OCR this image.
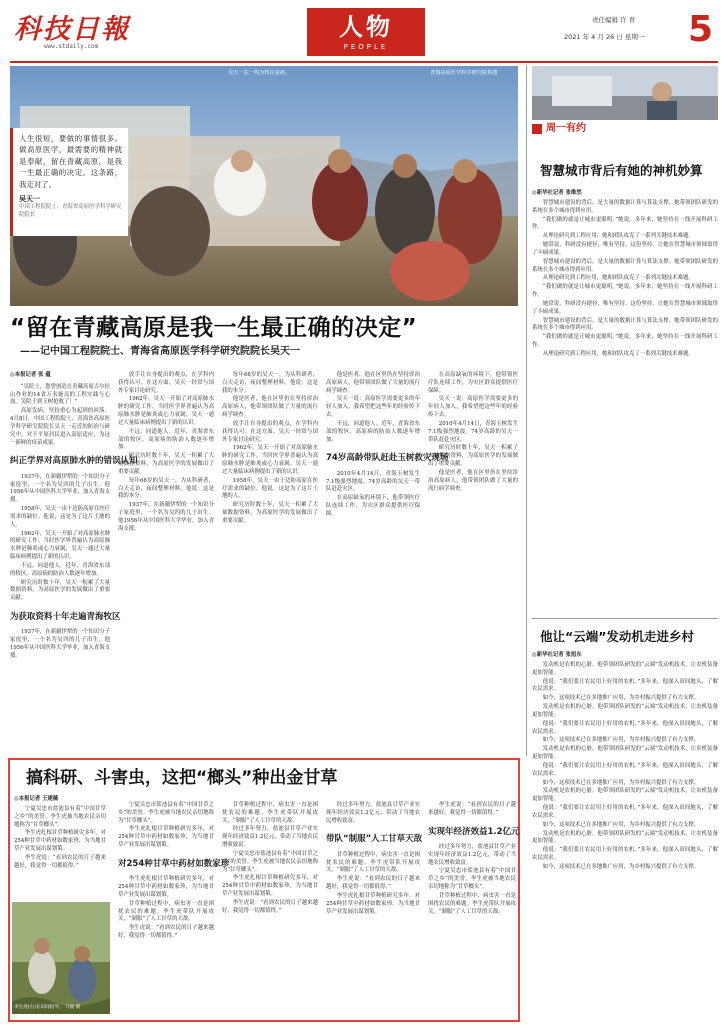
科技日報
www.stdaily.com
人物
PEOPLE
责任编辑 许 青
2021 年 4 月 26 日 星期一 5
吴天一在一线为牧民看病。	青海高原医学科学研究院供图
人生很短，要做的事情很多。做高原医学，最需要的精神就是奉献，留在青藏高原，是我一生最正确的决定。这条路，我走对了。
吴天一
中国工程院院士、青海省高原医学科学研究院院长
“留在青藏高原是我一生最正确的决定”
——记中国工程院院士、青海省高原医学科学研究院院长吴天一
◎本报记者 张 蕴

“吴院士，您曾创造在青藏高原吉尔拉山作业的14省万名施员的工程实践与心血。吴院士到玉树抢救了！”

高原发病，坚持重心为起到的回落。4月8日，中国工程院院士、青海省高原医学科学研究院院长吴天一走近的防治与研究中，对于平原居民进入高原适应，为这一新鲜的疫苗成果。

纠正学界对高原肺水肿的错误认知

1937年，在新疆伊犁的一个知识分子家庭里，一个名为吴四的儿子出生。他1956年从中国医科大学毕业，加入青海支援。

1958年，吴天一由于边防高原在医疗需求的缺位。他说，这是为了这片土地的人。

1962年，吴天一开始了对高原肺水肿的研究工作。当时医学界普遍认为高原肺水肿是肺炎或心力衰竭，吴天一通过大量临床病例提出了新的认识。

不远，同道他人。近年，青海省东部的牧区，高原病的防治人数逐年增加。

研究历时数十年，吴天一积累了大量数据资料，为高原医学的发展做出了重要贡献。

为获取资料十年走遍青海牧区

1937年，在新疆伊犁的一个知识分子家庭里，一个名为吴四的儿子出生。他1956年从中国医科大学毕业，加入青海支援。

放手让自身提出的观点，在学科内获得认可。在这方面，吴天一经常与国外专家讨论研究。

1962年，吴天一开始了对高原肺水肿的研究工作。当时医学界普遍认为高原肺水肿是肺炎或心力衰竭，吴天一通过大量临床病例提出了新的认识。

不远，同道他人。近年，青海省东部的牧区，高原病的防治人数逐年增加。

研究历时数十年，吴天一积累了大量数据资料，为高原医学的发展做出了重要贡献。

每年68岁的吴天一，为从科研者，白天走访，夜间整理材料。他说：这是我的本分。

1937年，在新疆伊犁的一个知识分子家庭里，一个名为吴四的儿子出生。他1956年从中国医科大学毕业，加入青海支援。

每年68岁的吴天一，为从科研者，白天走访，夜间整理材料。他说：这是我的本分。

他是医者，他在区里仍在坚持诊治高原病人，他带领团队做了大量的流行病学调查。

放手让自身提出的观点，在学科内获得认可。在这方面，吴天一经常与国外专家讨论研究。

1962年，吴天一开始了对高原肺水肿的研究工作。当时医学界普遍认为高原肺水肿是肺炎或心力衰竭，吴天一通过大量临床病例提出了新的认识。

1958年，吴天一由于边防高原在医疗需求的缺位。他说，这是为了这片土地的人。

研究历时数十年，吴天一积累了大量数据资料，为高原医学的发展做出了重要贡献。

他是医者，他在区里仍在坚持诊治高原病人，他带领团队做了大量的流行病学调查。

吴天一说：高原医学需要更多的年轻人加入，我希望把这些年的经验传下去。

不远，同道他人。近年，青海省东部的牧区，高原病的防治人数逐年增加。

74岁高龄带队赶赴玉树救灾现场

2010年4月14日，青海玉树发生7.1级强烈地震。74岁高龄的吴天一带队赶赴灾区。

在高原缺氧的环境下，他带领医疗队连续工作，为灾区群众提供医疗保障。

在高原缺氧的环境下，他带领医疗队连续工作，为灾区群众提供医疗保障。

吴天一说：高原医学需要更多的年轻人加入，我希望把这些年的经验传下去。

2010年4月14日，青海玉树发生7.1级强烈地震。74岁高龄的吴天一带队赶赴灾区。

研究历时数十年，吴天一积累了大量数据资料，为高原医学的发展做出了重要贡献。

他是医者，他在区里仍在坚持诊治高原病人，他带领团队做了大量的流行病学调查。

周一有约
智慧城市背后有她的神机妙算
◎新华社记者 张维然

智慧城市建设的背后，是大量的数据计算与算法支撑。她带领团队研发的系统在多个城市得到应用。

“我们做的就是让城市更聪明。”她说。多年来，她坚持在一线开展科研工作。

从理论研究到工程应用，她和团队攻克了一系列关键技术难题。

她常说，科研没有捷径，唯有坚持。这份坚持，让她在智慧城市领域取得了丰硕成果。

智慧城市建设的背后，是大量的数据计算与算法支撑。她带领团队研发的系统在多个城市得到应用。

从理论研究到工程应用，她和团队攻克了一系列关键技术难题。

“我们做的就是让城市更聪明。”她说。多年来，她坚持在一线开展科研工作。

她常说，科研没有捷径，唯有坚持。这份坚持，让她在智慧城市领域取得了丰硕成果。

智慧城市建设的背后，是大量的数据计算与算法支撑。她带领团队研发的系统在多个城市得到应用。

“我们做的就是让城市更聪明。”她说。多年来，她坚持在一线开展科研工作。

从理论研究到工程应用，她和团队攻克了一系列关键技术难题。

他让“云端”发动机走进乡村
◎新华社记者 张旭东

发动机是农机的心脏。他带领团队研发的“云端”发动机技术，让农机装备更加智能。

他说：“我们要让农民用上好用的农机。”多年来，他深入田间地头，了解农民需求。

如今，这项技术已在多地推广应用，为乡村振兴提供了有力支撑。

发动机是农机的心脏。他带领团队研发的“云端”发动机技术，让农机装备更加智能。

他说：“我们要让农民用上好用的农机。”多年来，他深入田间地头，了解农民需求。

如今，这项技术已在多地推广应用，为乡村振兴提供了有力支撑。

发动机是农机的心脏。他带领团队研发的“云端”发动机技术，让农机装备更加智能。

他说：“我们要让农民用上好用的农机。”多年来，他深入田间地头，了解农民需求。

如今，这项技术已在多地推广应用，为乡村振兴提供了有力支撑。

发动机是农机的心脏。他带领团队研发的“云端”发动机技术，让农机装备更加智能。

他说：“我们要让农民用上好用的农机。”多年来，他深入田间地头，了解农民需求。

如今，这项技术已在多地推广应用，为乡村振兴提供了有力支撑。

发动机是农机的心脏。他带领团队研发的“云端”发动机技术，让农机装备更加智能。

他说：“我们要让农民用上好用的农机。”多年来，他深入田间地头，了解农民需求。

如今，这项技术已在多地推广应用，为乡村振兴提供了有力支撑。

搞科研、斗害虫，这把“榔头”种出金甘草
◎本报记者 王建薇

宁夏吴忠市盐池县有着“中国甘草之乡”的美誉。李生虎被当地农民亲切地称为“甘草榔头”。

李生虎扎根甘草种植研究多年，对254种甘草中药材如数家珍，为当地甘草产业发展出谋划策。

李生虎说：“看到农民的日子越来越好，我觉得一切都值得。”

李生虎(右)在田间指导。 马丽 摄

宁夏吴忠市盐池县有着“中国甘草之乡”的美誉。李生虎被当地农民亲切地称为“甘草榔头”。

李生虎扎根甘草种植研究多年，对254种甘草中药材如数家珍，为当地甘草产业发展出谋划策。

对254种甘草中药材如数家珍

李生虎扎根甘草种植研究多年，对254种甘草中药材如数家珍，为当地甘草产业发展出谋划策。

甘草种植过程中，病虫害一直是困扰农民的难题。李生虎带队开展攻关，“制服”了人工甘草的天敌。

李生虎说：“看到农民的日子越来越好，我觉得一切都值得。”

甘草种植过程中，病虫害一直是困扰农民的难题。李生虎带队开展攻关，“制服”了人工甘草的天敌。

经过多年努力，盐池县甘草产业实现年经济效益1.2亿元，带动了当地农民增收致富。

宁夏吴忠市盐池县有着“中国甘草之乡”的美誉。李生虎被当地农民亲切地称为“甘草榔头”。

李生虎扎根甘草种植研究多年，对254种甘草中药材如数家珍，为当地甘草产业发展出谋划策。

李生虎说：“看到农民的日子越来越好，我觉得一切都值得。”

经过多年努力，盐池县甘草产业实现年经济效益1.2亿元，带动了当地农民增收致富。

带队“制服”人工甘草天敌

甘草种植过程中，病虫害一直是困扰农民的难题。李生虎带队开展攻关，“制服”了人工甘草的天敌。

李生虎说：“看到农民的日子越来越好，我觉得一切都值得。”

李生虎扎根甘草种植研究多年，对254种甘草中药材如数家珍，为当地甘草产业发展出谋划策。

李生虎说：“看到农民的日子越来越好，我觉得一切都值得。”

实现年经济效益1.2亿元

经过多年努力，盐池县甘草产业实现年经济效益1.2亿元，带动了当地农民增收致富。

宁夏吴忠市盐池县有着“中国甘草之乡”的美誉。李生虎被当地农民亲切地称为“甘草榔头”。

甘草种植过程中，病虫害一直是困扰农民的难题。李生虎带队开展攻关，“制服”了人工甘草的天敌。
